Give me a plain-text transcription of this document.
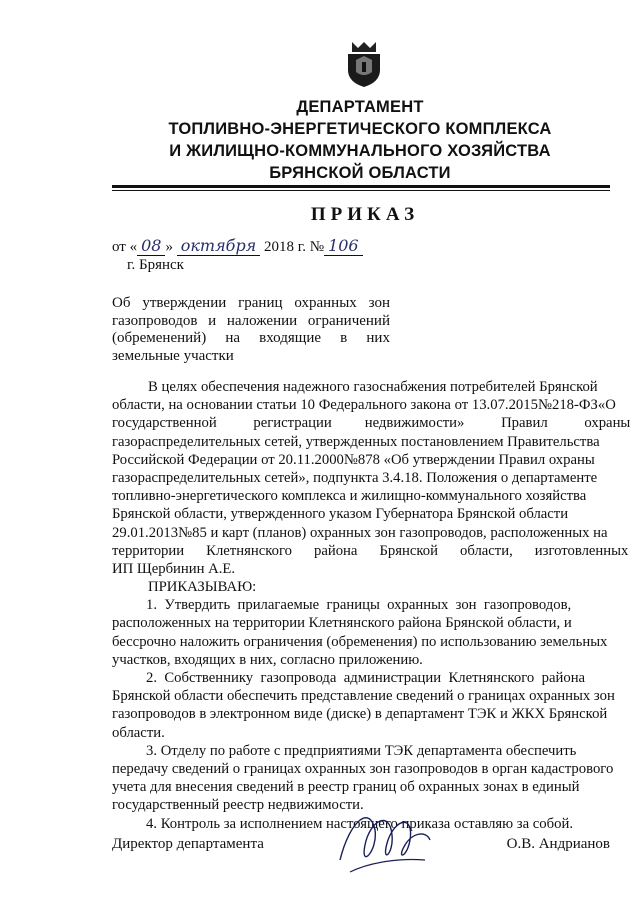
ДЕПАРТАМЕНТ
ТОПЛИВНО-ЭНЕРГЕТИЧЕСКОГО КОМПЛЕКСА
И ЖИЛИЩНО-КОММУНАЛЬНОГО ХОЗЯЙСТВА
БРЯНСКОЙ ОБЛАСТИ
ПРИКАЗ
от « 08 » октября 2018 г. № 106
г. Брянск
Об утверждении границ охранных зон
газопроводов и наложении ограничений
(обременений) на входящие в них
земельные участки
В целях обеспечения надежного газоснабжения потребителей Брянской
области, на основании статьи 10 Федерального закона от 13.07.2015№218-ФЗ«О
государственной          регистрации         недвижимости»          Правил          охраны
газораспределительных сетей, утвержденных постановлением Правительства
Российской Федерации от 20.11.2000№878 «Об утверждении Правил охраны
газораспределительных сетей», подпункта 3.4.18. Положения о департаменте
топливно-энергетического комплекса и жилищно-коммунального хозяйства
Брянской области, утвержденного указом Губернатора Брянской области
29.01.2013№85 и карт (планов) охранных зон газопроводов, расположенных на
территории      Клетнянского      района      Брянской      области,      изготовленных
ИП Щербинин А.Е.
ПРИКАЗЫВАЮ:
1.  Утвердить  прилагаемые  границы  охранных  зон  газопроводов,
расположенных на территории Клетнянского района Брянской области, и
бессрочно наложить ограничения (обременения) по использованию земельных
участков, входящих в них, согласно приложению.
2.  Собственнику  газопровода  администрации  Клетнянского  района
Брянской области обеспечить представление сведений о границах охранных зон
газопроводов в электронном виде (диске) в департамент ТЭК и ЖКХ Брянской
области.
3. Отделу по работе с предприятиями ТЭК департамента обеспечить
передачу сведений о границах охранных зон газопроводов в орган кадастрового
учета для внесения сведений в реестр границ об охранных зонах в единый
государственный реестр недвижимости.
4. Контроль за исполнением настоящего приказа оставляю за собой.
Директор департамента	О.В. Андрианов
